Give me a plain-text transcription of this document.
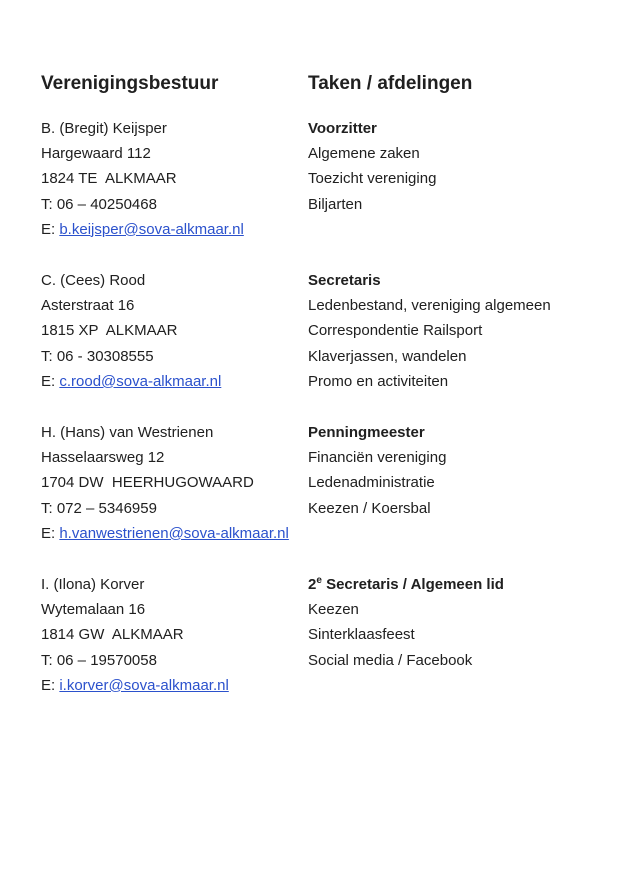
Verenigingsbestuur	Taken / afdelingen
B. (Bregit) Keijsper
Hargewaard 112
1824 TE  ALKMAAR
T: 06 – 40250468
E: b.keijsper@sova-alkmaar.nl
Voorzitter
Algemene zaken
Toezicht vereniging
Biljarten
C. (Cees) Rood
Asterstraat 16
1815 XP  ALKMAAR
T: 06 - 30308555
E: c.rood@sova-alkmaar.nl
Secretaris
Ledenbestand, vereniging algemeen
Correspondentie Railsport
Klaverjassen, wandelen
Promo en activiteiten
H. (Hans) van Westrienen
Hasselaarsweg 12
1704 DW  HEERHUGOWAARD
T: 072 – 5346959
E: h.vanwestrienen@sova-alkmaar.nl
Penningmeester
Financiën vereniging
Ledenadministratie
Keezen / Koersbal
I. (Ilona) Korver
Wytemalaan 16
1814 GW  ALKMAAR
T: 06 – 19570058
E: i.korver@sova-alkmaar.nl
2e Secretaris / Algemeen lid
Keezen
Sinterklaasfeest
Social media / Facebook
